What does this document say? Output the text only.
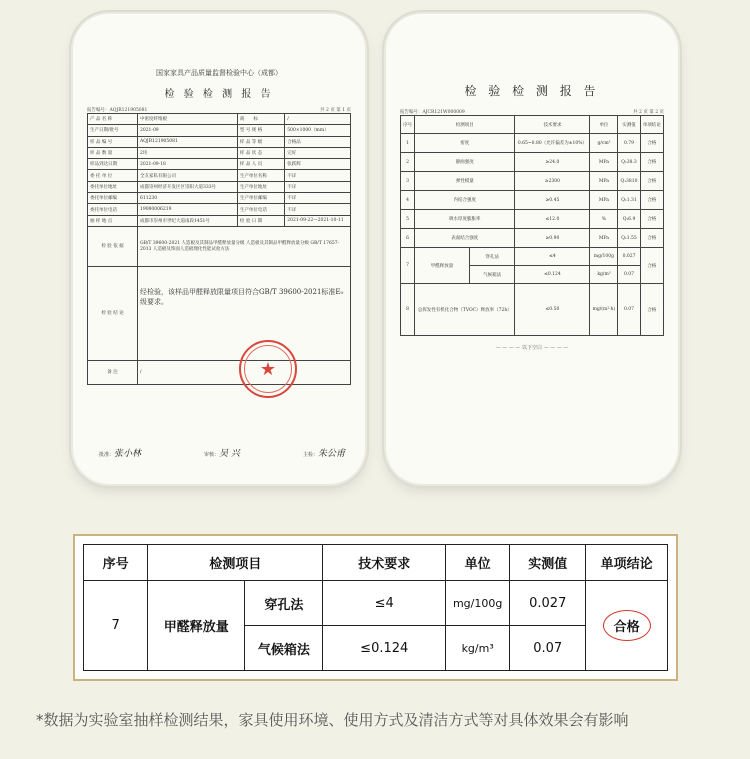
国家家具产品质量监督检验中心（成都）
检 验 检 测 报 告
报告编号：AQJR121905081	共 2 页 第 1 页
产 品 名 称	中密度纤维板	商　　标	/
生产日期/批号	2021-09	型 号 规 格	500×1000（mm）
样 品 编 号	AQJR121905081	样 品 等 级	合格品
样 品 数 量	2块	样 品 状 态	完好
样品到达日期	2021-09-18	样 品 人 员	张跃辉
委 托 单 位	全友家私有限公司	生产单位名称	不详
委托单位地址	成都崇州经济开发区区崇阳大道333号	生产单位地址	不详
委托单位邮编	611230	生产单位邮编	不详
委托单位电话	19080006219	生产单位电话	不详
抽 样 地 点	成都市崇州市世纪大道南段1451号	检 验 日 期	2021-09-22—2021-10-11
检 验 依 据	GB/T 39600-2021 人造板及其制品甲醛释放量分级 人造板及其制品甲醛释放量分级 GB/T 17657-2013 人造板及饰面人造板理化性能试验方法		
检 验 结 论	经检验，该样品甲醛释放限量项目符合GB/T 39600-2021标准E₀级要求。		
备 注	/			★
批准：张小林	审核：吴 兴	主检：朱公甫
检 验 检 测 报 告
报告编号：AJCR121W000009	共 2 页 第 2 页
序号	检测项目		技术要求	单位	实测值	单项结论
1	密度		0.65~0.80（允许偏差为±10%）	g/cm³	0.79	合格
2	静曲强度		≥24.0	MPa	Q₁38.3	合格
3	弹性模量		≥2300	MPa	Q₁3810	合格
4	内结合强度		≥0.45	MPa	Q₁1.31	合格
5	吸水厚度膨胀率		≤12.0	%	Q₁6.9	合格
6	表面结合强度		≥0.90	MPa	Q₁1.55	合格
7	甲醛释放量	穿孔法	≤4	mg/100g	0.027	合格
		气候箱法	≤0.124	kg/m³	0.07	
8	总挥发性有机化合物（TVOC）释放率（72h）		≤0.50	mg/(m²·h)	0.07	合格
— — — — 以下空白 — — — —
序号	检测项目		技术要求	单位	实测值	单项结论
7	甲醛释放量	穿孔法	≤4	mg/100g	0.027	合格
		气候箱法	≤0.124	kg/m³	0.07	
*数据为实验室抽样检测结果，家具使用环境、使用方式及清洁方式等对具体效果会有影响
